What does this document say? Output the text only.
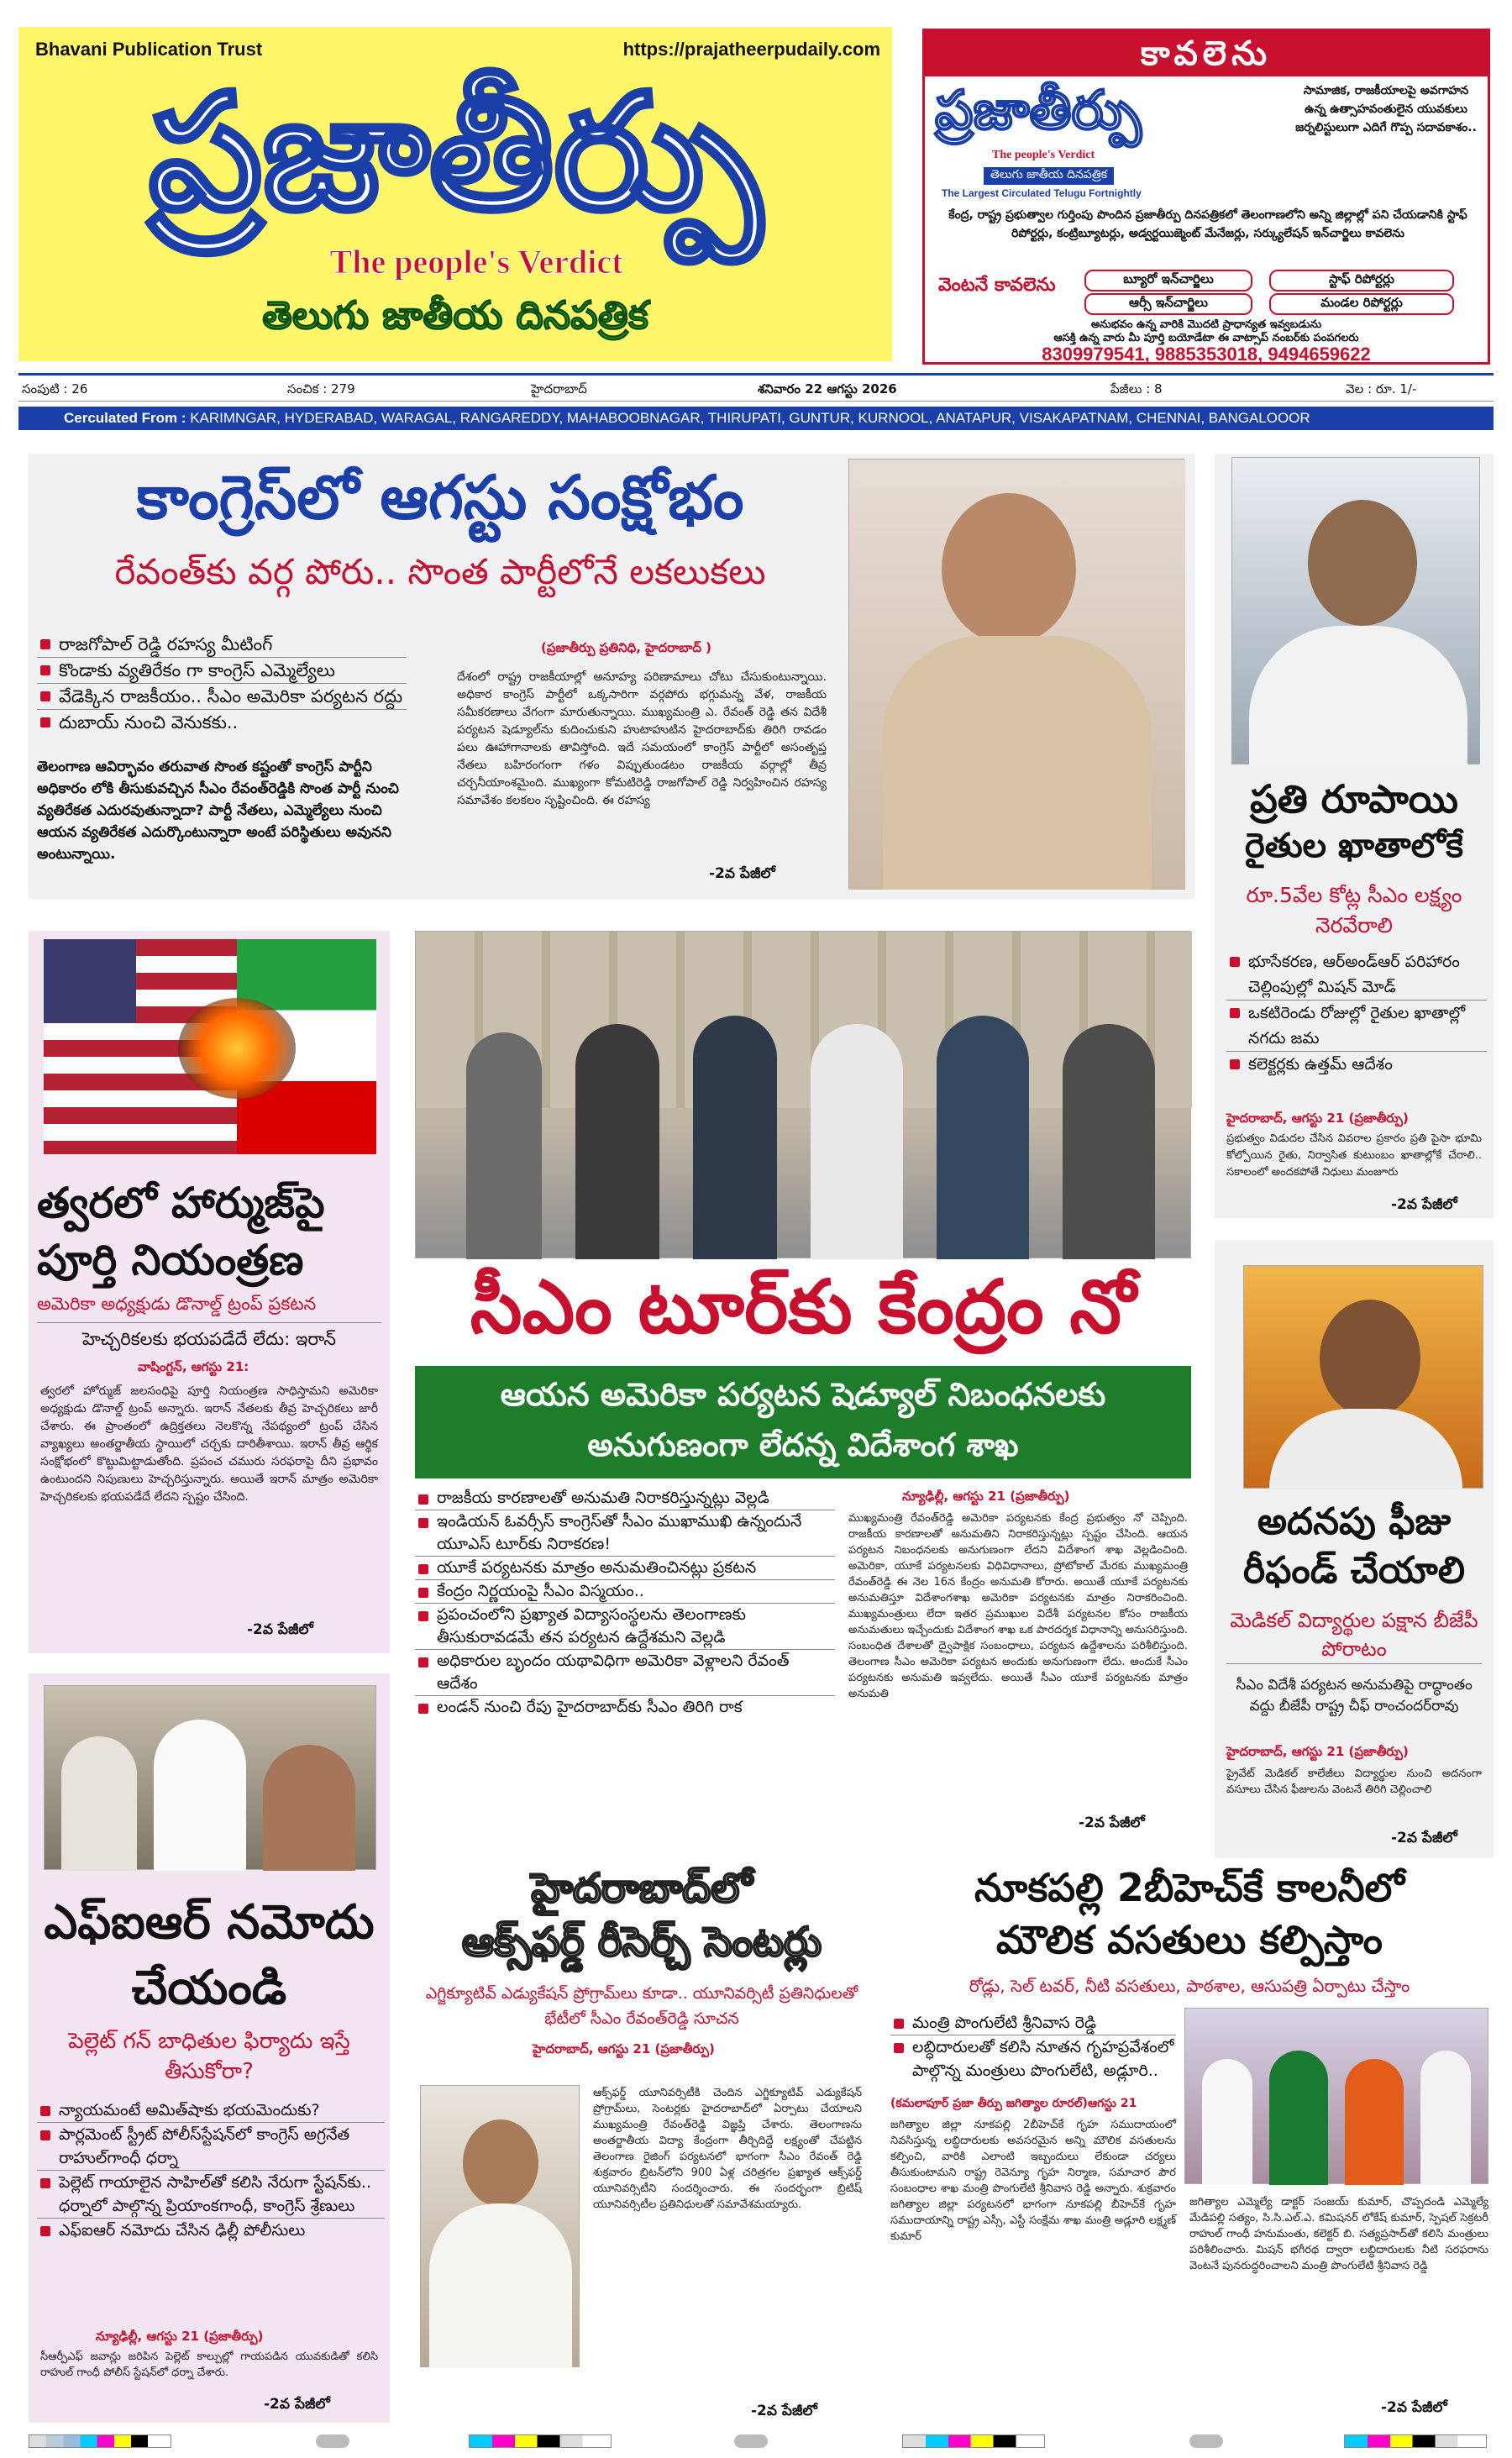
Bhavani Publication Trust	https://prajatheerpudaily.com
ప్రజాతీర్పు
The people's Verdict
తెలుగు జాతీయ దినపత్రిక
కావలెను
ప్రజాతీర్పు
The people's Verdict
తెలుగు జాతీయ దినపత్రిక
The Largest Circulated Telugu Fortnightly
సామాజిక, రాజకీయాలపై అవగాహన ఉన్న ఉత్సాహవంతులైన యువకులు జర్నలిస్టులుగా ఎదిగే గొప్ప సదావకాశం..
కేంద్ర, రాష్ట్ర ప్రభుత్వాల గుర్తింపు పొందిన ప్రజాతీర్పు దినపత్రికలో తెలంగాణలోని అన్ని జిల్లాల్లో పని చేయడానికి స్టాఫ్ రిపోర్టర్లు, కంట్రిబ్యూటర్లు, అడ్వర్టయిజ్మెంట్ మేనేజర్లు, సర్క్యులేషన్ ఇన్‌చార్జిలు కావలెను
వెంటనే కావలెను	బ్యూరో ఇన్‌చార్జిలు
ఆర్సీ ఇన్‌చార్జిలు
స్టాఫ్ రిపోర్టర్లు
మండల రిపోర్టర్లు
అనుభవం ఉన్న వారికి మొదటి ప్రాధాన్యత ఇవ్వబడును
ఆసక్తి ఉన్న వారు మీ పూర్తి బయోడేటా ఈ వాట్సాప్ నంబర్‌కు పంపగలరు
8309979541, 9885353018, 9494659622
సంపుటి : 26	సంచిక : 279	హైదరాబాద్	శనివారం 22 ఆగస్టు 2026	పేజీలు : 8	వెల : రూ. 1/-
Cerculated From : KARIMNGAR, HYDERABAD, WARAGAL, RANGAREDDY, MAHABOOBNAGAR, THIRUPATI, GUNTUR, KURNOOL, ANATAPUR, VISAKAPATNAM, CHENNAI, BANGALOOOR
కాంగ్రెస్‌లో ఆగస్టు సంక్షోభం
రేవంత్‌కు వర్గ పోరు.. సొంత పార్టీలోనే లకలుకలు
రాజగోపాల్ రెడ్డి రహస్య మీటింగ్
కొండాకు వ్యతిరేకం గా కాంగ్రెస్ ఎమ్మెల్యేలు
వేడెక్కిన రాజకీయం.. సీఎం అమెరికా పర్యటన రద్దు
దుబాయ్ నుంచి వెనుకకు..
తెలంగాణ ఆవిర్భావం తరువాత సొంత కష్టంతో కాంగ్రెస్ పార్టీని అధికారం లోకి తీసుకువచ్చిన సీఎం రేవంత్‌రెడ్డికి సొంత పార్టీ నుంచి వ్యతిరేకత ఎదురవుతున్నాదా? పార్టీ నేతలు, ఎమ్మెల్యేలు నుంచి ఆయన వ్యతిరేకత ఎదుర్కొంటున్నారా అంటే పరిస్థితులు అవునని అంటున్నాయి.
(ప్రజాతీర్పు ప్రతినిధి, హైదరాబాద్ )
దేశంలో రాష్ట్ర రాజకీయాల్లో అనూహ్య పరిణామాలు చోటు చేసుకుంటున్నాయి. అధికార కాంగ్రెస్ పార్టీలో ఒక్కసారిగా వర్గపోరు భగ్గుమన్న వేళ, రాజకీయ సమీకరణాలు వేగంగా మారుతున్నాయి. ముఖ్యమంత్రి ఎ. రేవంత్ రెడ్డి తన విదేశీ పర్యటన షెడ్యూల్‌ను కుదించుకుని హుటాహుటిన హైదరాబాద్‌కు తిరిగి రావడం పలు ఊహాగానాలకు తావిస్తోంది. ఇదే సమయంలో కాంగ్రెస్ పార్టీలో అసంతృప్త నేతలు బహిరంగంగా గళం విప్పుతుండటం రాజకీయ వర్గాల్లో తీవ్ర చర్చనీయాంశమైంది. ముఖ్యంగా కోమటిరెడ్డి రాజగోపాల్ రెడ్డి నిర్వహించిన రహస్య సమావేశం కలకలం సృష్టించింది. ఈ రహస్య
-2వ పేజీలో
ప్రతి రూపాయి
రైతుల ఖాతాలోకే
రూ.5వేల కోట్ల సీఎం లక్ష్యం నెరవేరాలి
భూసేకరణ, ఆర్అండ్ఆర్ పరిహారం చెల్లింపుల్లో మిషన్ మోడ్
ఒకటిరెండు రోజుల్లో రైతుల ఖాతాల్లో నగదు జమ
కలెక్టర్లకు ఉత్తమ్ ఆదేశం
హైదరాబాద్, ఆగస్టు 21 (ప్రజాతీర్పు)
ప్రభుత్వం విడుదల చేసిన వివరాల ప్రకారం ప్రతి పైసా భూమి కోల్పోయిన రైతు, నిర్వాసిత కుటుంబం ఖాతాల్లోకే చేరాలి.. సకాలంలో అందకపోతే నిధులు మంజూరు
-2వ పేజీలో
త్వరలో హార్ముజ్‌పై పూర్తి నియంత్రణ
అమెరికా అధ్యక్షుడు డొనాల్డ్ ట్రంప్ ప్రకటన
హెచ్చరికలకు భయపడేదే లేదు: ఇరాన్
వాషింగ్టన్, ఆగస్టు 21:
త్వరలో హోర్ముజ్ జలసంధిపై పూర్తి నియంత్రణ సాధిస్తామని అమెరికా అధ్యక్షుడు డొనాల్డ్ ట్రంప్ అన్నారు. ఇరాన్ నేతలకు తీవ్ర హెచ్చరికలు జారీ చేశారు. ఈ ప్రాంతంలో ఉద్రిక్తతలు నెలకొన్న నేపథ్యంలో ట్రంప్ చేసిన వ్యాఖ్యలు అంతర్జాతీయ స్థాయిలో చర్చకు దారితీశాయి. ఇరాన్ తీవ్ర ఆర్థిక సంక్షోభంలో కొట్టుమిట్టాడుతోంది. ప్రపంచ చమురు సరఫరాపై దీని ప్రభావం ఉంటుందని నిపుణులు హెచ్చరిస్తున్నారు. అయితే ఇరాన్ మాత్రం అమెరికా హెచ్చరికలకు భయపడేదే లేదని స్పష్టం చేసింది.
-2వ పేజీలో
సీఎం టూర్‌కు కేంద్రం నో
ఆయన అమెరికా పర్యటన షెడ్యూల్ నిబంధనలకు
అనుగుణంగా లేదన్న విదేశాంగ శాఖ
రాజకీయ కారణాలతో అనుమతి నిరాకరిస్తున్నట్లు వెల్లడి
ఇండియన్ ఓవర్సీస్ కాంగ్రెస్‌తో సీఎం ముఖాముఖి ఉన్నందునే యూఎస్ టూర్‌కు నిరాకరణ!
యూకే పర్యటనకు మాత్రం అనుమతించినట్లు ప్రకటన
కేంద్రం నిర్ణయంపై సీఎం విస్మయం..
ప్రపంచంలోని ప్రఖ్యాత విద్యాసంస్థలను తెలంగాణకు తీసుకురావడమే తన పర్యటన ఉద్దేశమని వెల్లడి
అధికారుల బృందం యథావిధిగా అమెరికా వెళ్లాలని రేవంత్ ఆదేశం
లండన్ నుంచి రేపు హైదరాబాద్‌కు సీఎం తిరిగి రాక
న్యూఢిల్లీ, ఆగస్టు 21 (ప్రజాతీర్పు)
ముఖ్యమంత్రి రేవంత్‌రెడ్డి అమెరికా పర్యటనకు కేంద్ర ప్రభుత్వం నో చెప్పింది. రాజకీయ కారణాలతో అనుమతిని నిరాకరిస్తున్నట్లు స్పష్టం చేసింది. ఆయన పర్యటన నిబంధనలకు అనుగుణంగా లేదని విదేశాంగ శాఖ వెల్లడించింది. అమెరికా, యూకే పర్యటనలకు విధివిధానాలు, ప్రోటోకాల్ మేరకు ముఖ్యమంత్రి రేవంత్‌రెడ్డి ఈ నెల 16న కేంద్రం అనుమతి కోరారు. అయితే యూకే పర్యటనకు అనుమతిస్తూ విదేశాంగశాఖ అమెరికా పర్యటనకు మాత్రం నిరాకరించింది. ముఖ్యమంత్రులు లేదా ఇతర ప్రముఖుల విదేశీ పర్యటనల కోసం రాజకీయ అనుమతులు ఇచ్చేందుకు విదేశాంగ శాఖ ఒక పారదర్శక విధానాన్ని అనుసరిస్తుంది. సంబంధిత దేశాలతో ద్వైపాక్షిక సంబంధాలు, పర్యటన ఉద్దేశాలను పరిశీలిస్తుంది. తెలంగాణ సీఎం అమెరికా పర్యటన అందుకు అనుగుణంగా లేదు. అందుకే సీఎం పర్యటనకు అనుమతి ఇవ్వలేదు. అయితే సీఎం యూకే పర్యటనకు మాత్రం అనుమతి
-2వ పేజీలో
అదనపు ఫీజు
రీఫండ్ చేయాలి
మెడికల్ విద్యార్థుల పక్షాన బీజేపీ పోరాటం
సీఎం విదేశీ పర్యటన అనుమతిపై రాద్ధాంతం వద్దు బీజేపీ రాష్ట్ర చీఫ్ రాంచందర్‌రావు
హైదరాబాద్, ఆగస్టు 21 (ప్రజాతీర్పు)
ప్రైవేట్ మెడికల్ కాలేజీలు విద్యార్థుల నుంచి అదనంగా వసూలు చేసిన ఫీజులను వెంటనే తిరిగి చెల్లించాలి
-2వ పేజీలో
ఎఫ్ఐఆర్ నమోదు చేయండి
పెల్లెట్ గన్ బాధితుల ఫిర్యాదు ఇస్తే తీసుకోరా?
న్యాయమంటే అమిత్‌షాకు భయమెందుకు?
పార్లమెంట్ స్ట్రీట్ పోలీస్‌స్టేషన్‌లో కాంగ్రెస్ అగ్రనేత రాహుల్‌గాంధీ ధర్నా
పెల్లెట్ గాయాలైన సాహిల్‌తో కలిసి నేరుగా స్టేషన్‌కు.. ధర్నాలో పాల్గొన్న ప్రియాంకగాంధీ, కాంగ్రెస్ శ్రేణులు
ఎఫ్ఐఆర్ నమోదు చేసిన ఢిల్లీ పోలీసులు
న్యూఢిల్లీ, ఆగస్టు 21 (ప్రజాతీర్పు)
సీఆర్పీఎఫ్ జవాన్లు జరిపిన పెల్లెట్ కాల్పుల్లో గాయపడిన యువకుడితో కలిసి రాహుల్ గాంధీ పోలీస్ స్టేషన్‌లో ధర్నా చేశారు.
-2వ పేజీలో
హైదరాబాద్‌లో
ఆక్స్‌ఫర్డ్ రీసెర్చ్ సెంటర్లు
ఎగ్జిక్యూటివ్ ఎడ్యుకేషన్ ప్రోగ్రామ్‌లు కూడా.. యూనివర్సిటీ ప్రతినిధులతో భేటీలో సీఎం రేవంత్‌రెడ్డి సూచన
హైదరాబాద్, ఆగస్టు 21 (ప్రజాతీర్పు)
ఆక్స్‌ఫర్డ్ యూనివర్సిటీకి చెందిన ఎగ్జిక్యూటివ్ ఎడ్యుకేషన్ ప్రోగ్రామ్‌లు, సెంటర్లకు హైదరాబాద్‌లో ఏర్పాటు చేయాలని ముఖ్యమంత్రి రేవంత్‌రెడ్డి విజ్ఞప్తి చేశారు. తెలంగాణను అంతర్జాతీయ విద్యా కేంద్రంగా తీర్చిదిద్దే లక్ష్యంతో చేపట్టిన తెలంగాణ రైజింగ్ పర్యటనలో భాగంగా సీఎం రేవంత్ రెడ్డి శుక్రవారం బ్రిటన్‌లోని 900 ఏళ్ల చరిత్రగల ప్రఖ్యాత ఆక్స్‌ఫర్డ్ యూనివర్సిటీని సందర్శించారు. ఈ సందర్భంగా బ్రిటిష్ యూనివర్సిటీల ప్రతినిధులతో సమావేశమయ్యారు.
-2వ పేజీలో
నూకపల్లి 2బీహెచ్‌కే కాలనీలో
మౌలిక వసతులు కల్పిస్తాం
రోడ్లు, సెల్ టవర్, నీటి వసతులు, పాఠశాల, ఆసుపత్రి ఏర్పాటు చేస్తాం
మంత్రి పొంగులేటి శ్రీనివాస రెడ్డి
లబ్ధిదారులతో కలిసి నూతన గృహప్రవేశంలో పాల్గొన్న మంత్రులు పొంగులేటి, అడ్లూరి..
(కమలాపూర్ ప్రజా తీర్పు జగిత్యాల రూరల్)ఆగస్టు 21
జగిత్యాల జిల్లా నూకపల్లి 2బీహెచ్‌కే గృహ సముదాయంలో నివసిస్తున్న లబ్ధిదారులకు అవసరమైన అన్ని మౌలిక వసతులను కల్పించి, వారికి ఎలాంటి ఇబ్బందులు లేకుండా చర్యలు తీసుకుంటామని రాష్ట్ర రెవెన్యూ గృహ నిర్మాణ, సమాచార పౌర సంబంధాల శాఖ మంత్రి పొంగులేటి శ్రీనివాస రెడ్డి అన్నారు. శుక్రవారం జగిత్యాల జిల్లా పర్యటనలో భాగంగా నూకపల్లి బీహెచ్‌కే గృహ సముదాయాన్ని రాష్ట్ర ఎస్సీ, ఎస్టీ సంక్షేమ శాఖ మంత్రి అడ్లూరి లక్ష్మణ్ కుమార్
జగిత్యాల ఎమ్మెల్యే డాక్టర్ సంజయ్ కుమార్, చొప్పదండి ఎమ్మెల్యే మేడిపల్లి సత్యం, సి.సి.ఎల్.ఎ. కమిషనర్ లోకేష్ కుమార్, స్పెషల్ సెక్రటరీ రాహుల్ గాంధీ హనుమంతు, కలెక్టర్ బి. సత్యప్రసాద్‌తో కలిసి మంత్రులు పరిశీలించారు. మిషన్ భగీరథ ద్వారా లబ్ధిదారులకు నీటి సరఫరాను వెంటనే పునరుద్ధరించాలని మంత్రి పొంగులేటి శ్రీనివాస రెడ్డి
-2వ పేజీలో
